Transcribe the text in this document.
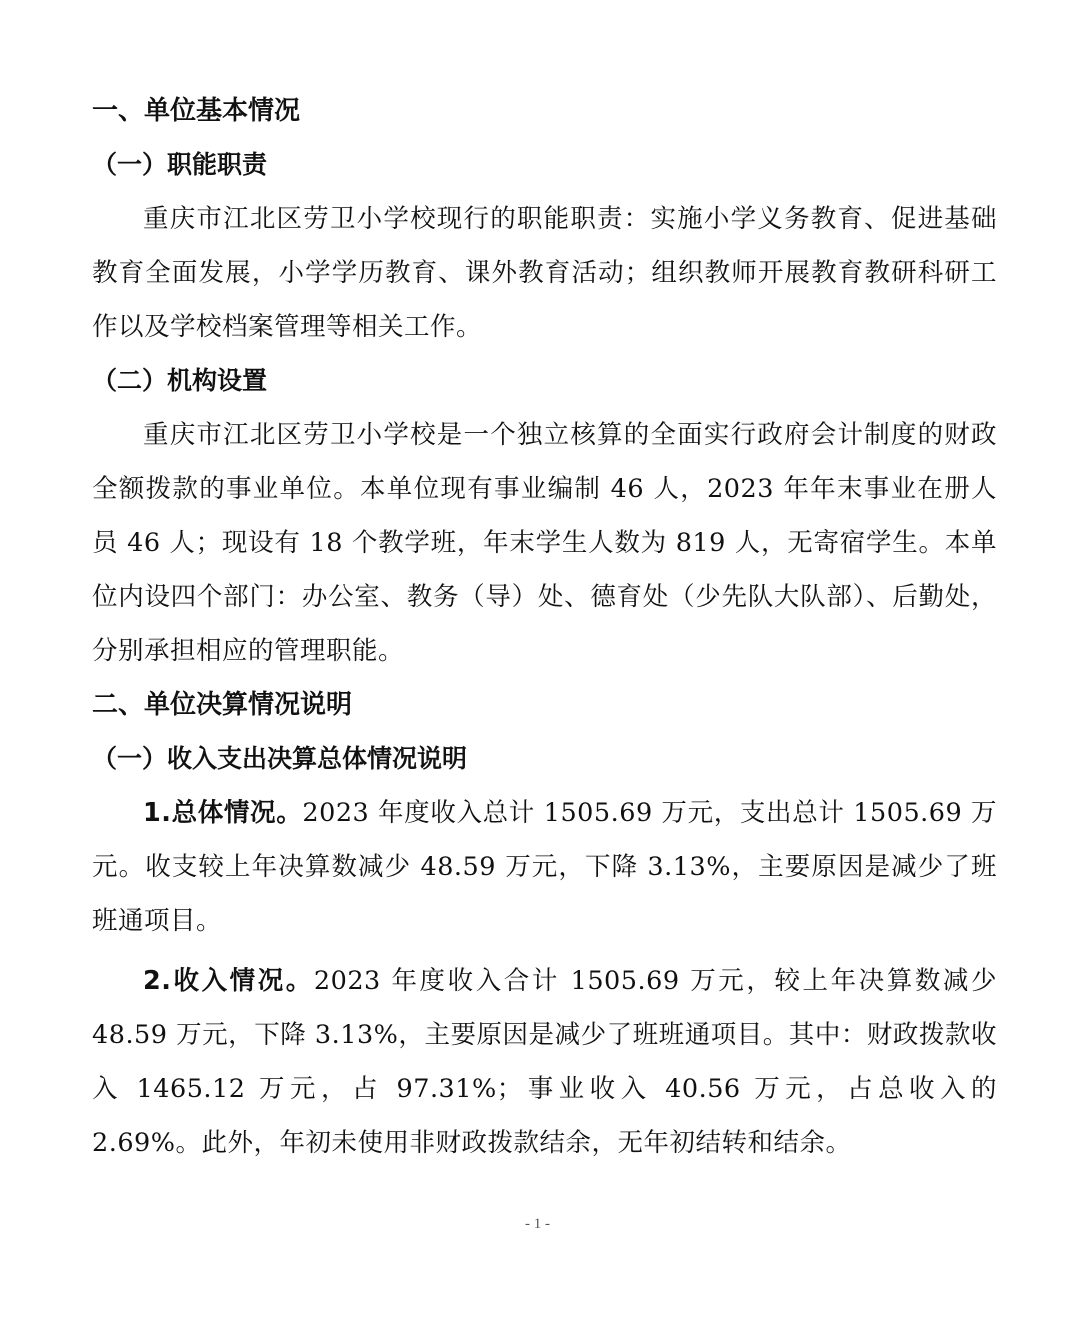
一、单位基本情况
（一）职能职责

重庆市江北区劳卫小学校现行的职能职责：实施小学义务教育、促进基础教育全面发展，小学学历教育、课外教育活动；组织教师开展教育教研科研工作以及学校档案管理等相关工作。

（二）机构设置

重庆市江北区劳卫小学校是一个独立核算的全面实行政府会计制度的财政全额拨款的事业单位。本单位现有事业编制 46 人，2023 年年末事业在册人员 46 人；现设有 18 个教学班，年末学生人数为 819 人，无寄宿学生。本单位内设四个部门：办公室、教务（导）处、德育处（少先队大队部）、后勤处，分别承担相应的管理职能。

二、单位决算情况说明
（一）收入支出决算总体情况说明

1.总体情况。2023 年度收入总计 1505.69 万元，支出总计 1505.69 万元。收支较上年决算数减少 48.59 万元，下降 3.13%，主要原因是减少了班班通项目。

2.收入情况。2023 年度收入合计 1505.69 万元，较上年决算数减少 48.59 万元，下降 3.13%，主要原因是减少了班班通项目。其中：财政拨款收入 1465.12 万元，占 97.31%；事业收入 40.56 万元，占总收入的 2.69%。此外，年初未使用非财政拨款结余，无年初结转和结余。

- 1 -
